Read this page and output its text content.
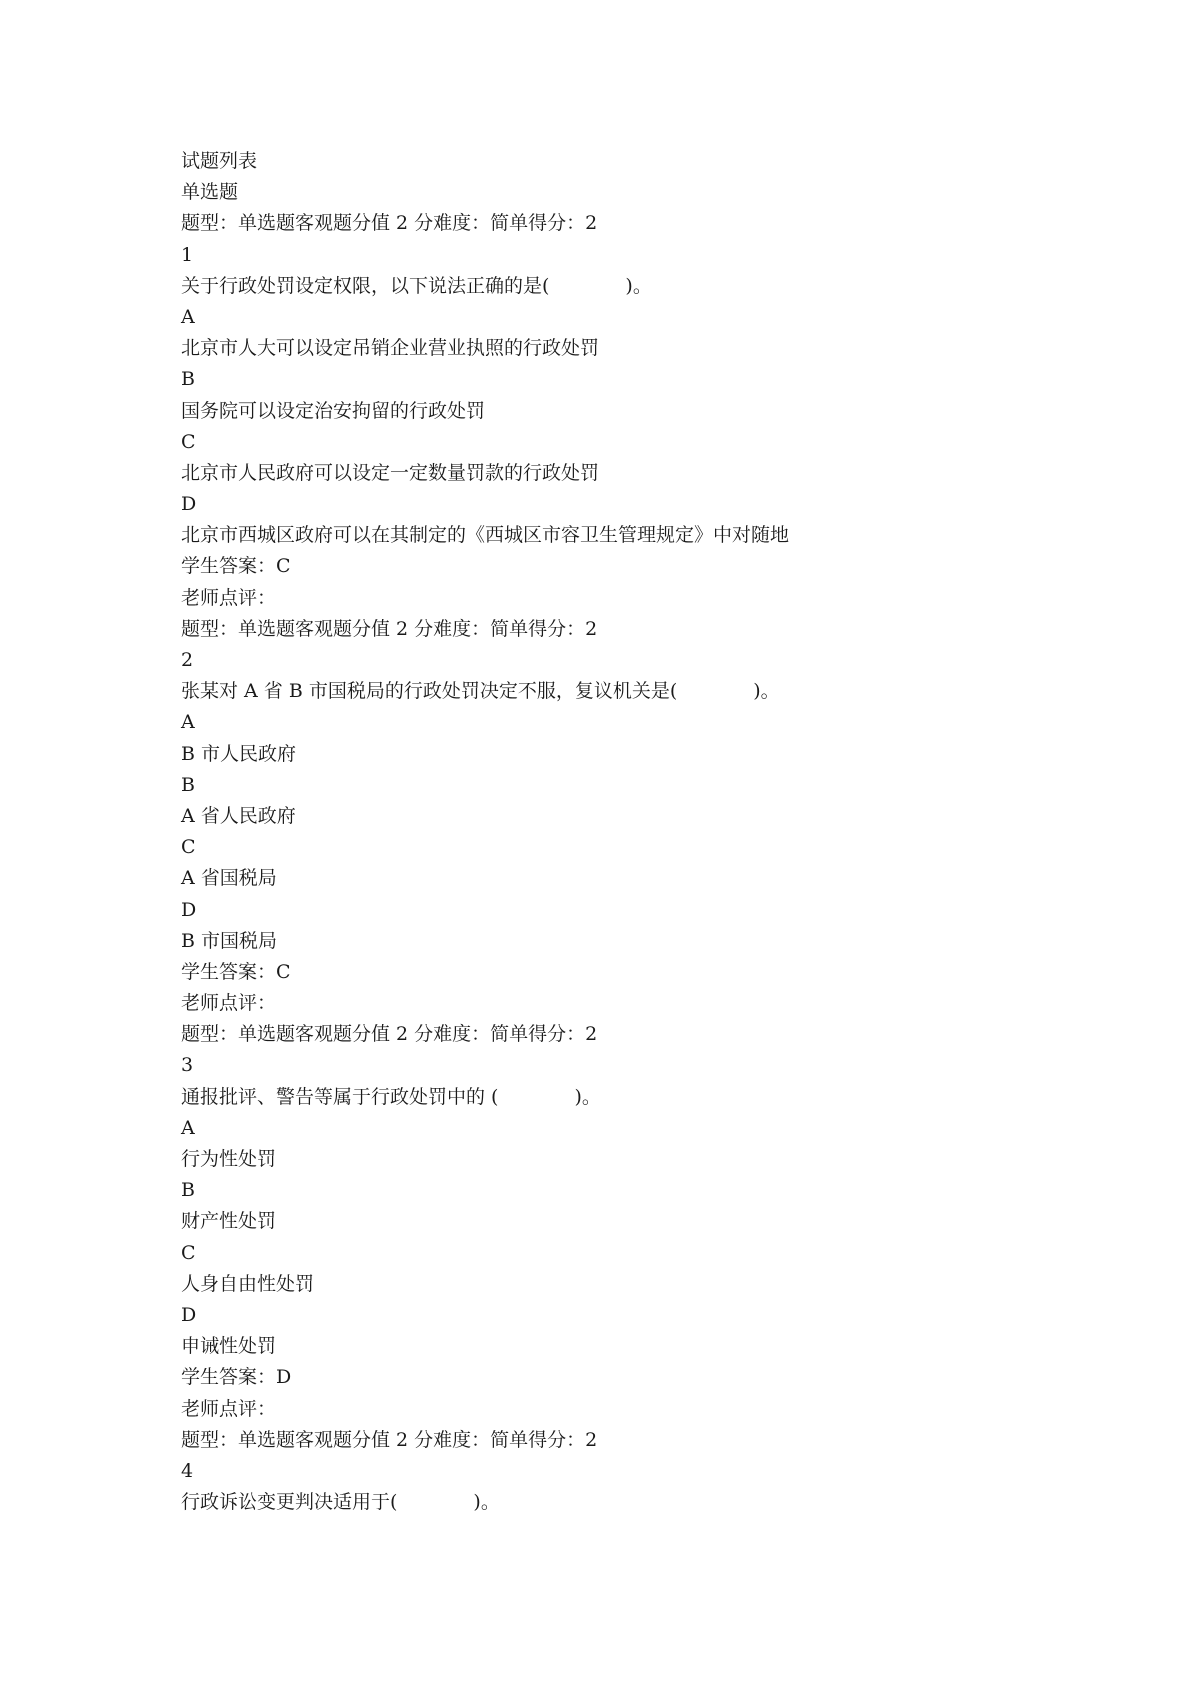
试题列表
单选题
题型：单选题客观题分值 2 分难度：简单得分：2
1
关于行政处罚设定权限，以下说法正确的是(　　　　)。
A
北京市人大可以设定吊销企业营业执照的行政处罚
B
国务院可以设定治安拘留的行政处罚
C
北京市人民政府可以设定一定数量罚款的行政处罚
D
北京市西城区政府可以在其制定的《西城区市容卫生管理规定》中对随地
学生答案：C
老师点评：
题型：单选题客观题分值 2 分难度：简单得分：2
2
张某对 A 省 B 市国税局的行政处罚决定不服，复议机关是(　　　　)。
A
B 市人民政府
B
A 省人民政府
C
A 省国税局
D
B 市国税局
学生答案：C
老师点评：
题型：单选题客观题分值 2 分难度：简单得分：2
3
通报批评、警告等属于行政处罚中的 (　　　　)。
A
行为性处罚
B
财产性处罚
C
人身自由性处罚
D
申诫性处罚
学生答案：D
老师点评：
题型：单选题客观题分值 2 分难度：简单得分：2
4
行政诉讼变更判决适用于(　　　　)。
